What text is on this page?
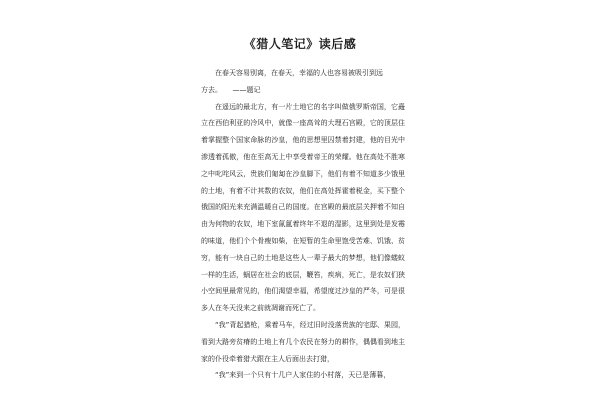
《猎人笔记》读后感

在春天容易别离，在春天，幸福的人也容易被吸引到远

方去。　　——题记

在遥远的最北方，有一片土地它的名字叫做俄罗斯帝国，它矗立在西伯利亚的冷风中，就像一座高耸的大理石宫殿，它的顶层住着掌握整个国家命脉的沙皇，他的思想里囚禁着封建，他的目光中渗透着孤傲，他在至高无上中享受着帝王的荣耀。他在高处不胜寒之中叱咤风云，贵族们匍匐在沙皇脚下，他们有着不知道多少饿里的土地，有着不计其数的农奴，他们在高处挥霍着税金，买下整个俄国的阳光来充满温暖自己的国度。在宫殿的最底层关押着不知自由为何物的农奴，地下室氤氲着终年不退的湿影，这里到处是发霉的味道，他们个个骨瘦如柴，在短暂的生命里饱受苦难、饥饿、贫穷，能有一块自己的土地是这些人一辈子最大的梦想，他们像蝼蚁一样的生活，蜗居在社会的底层，鞭笞，疾病，死亡，是农奴们狭小空间里最常见的，他们渴望幸福，希望度过沙皇的严冬，可是很多人在冬天没来之前就凋谢而死亡了。

“我”背起猎枪，乘着马车，经过旧时没落贵族的宅邸、果园，看到大路旁贫瘠的土地上有几个农民在努力的耕作，偶偶看到地主家的仆役牵着猎犬跟在主人后面出去打猎，

“我”来到一个只有十几户人家住的小村落，天已是薄暮，
